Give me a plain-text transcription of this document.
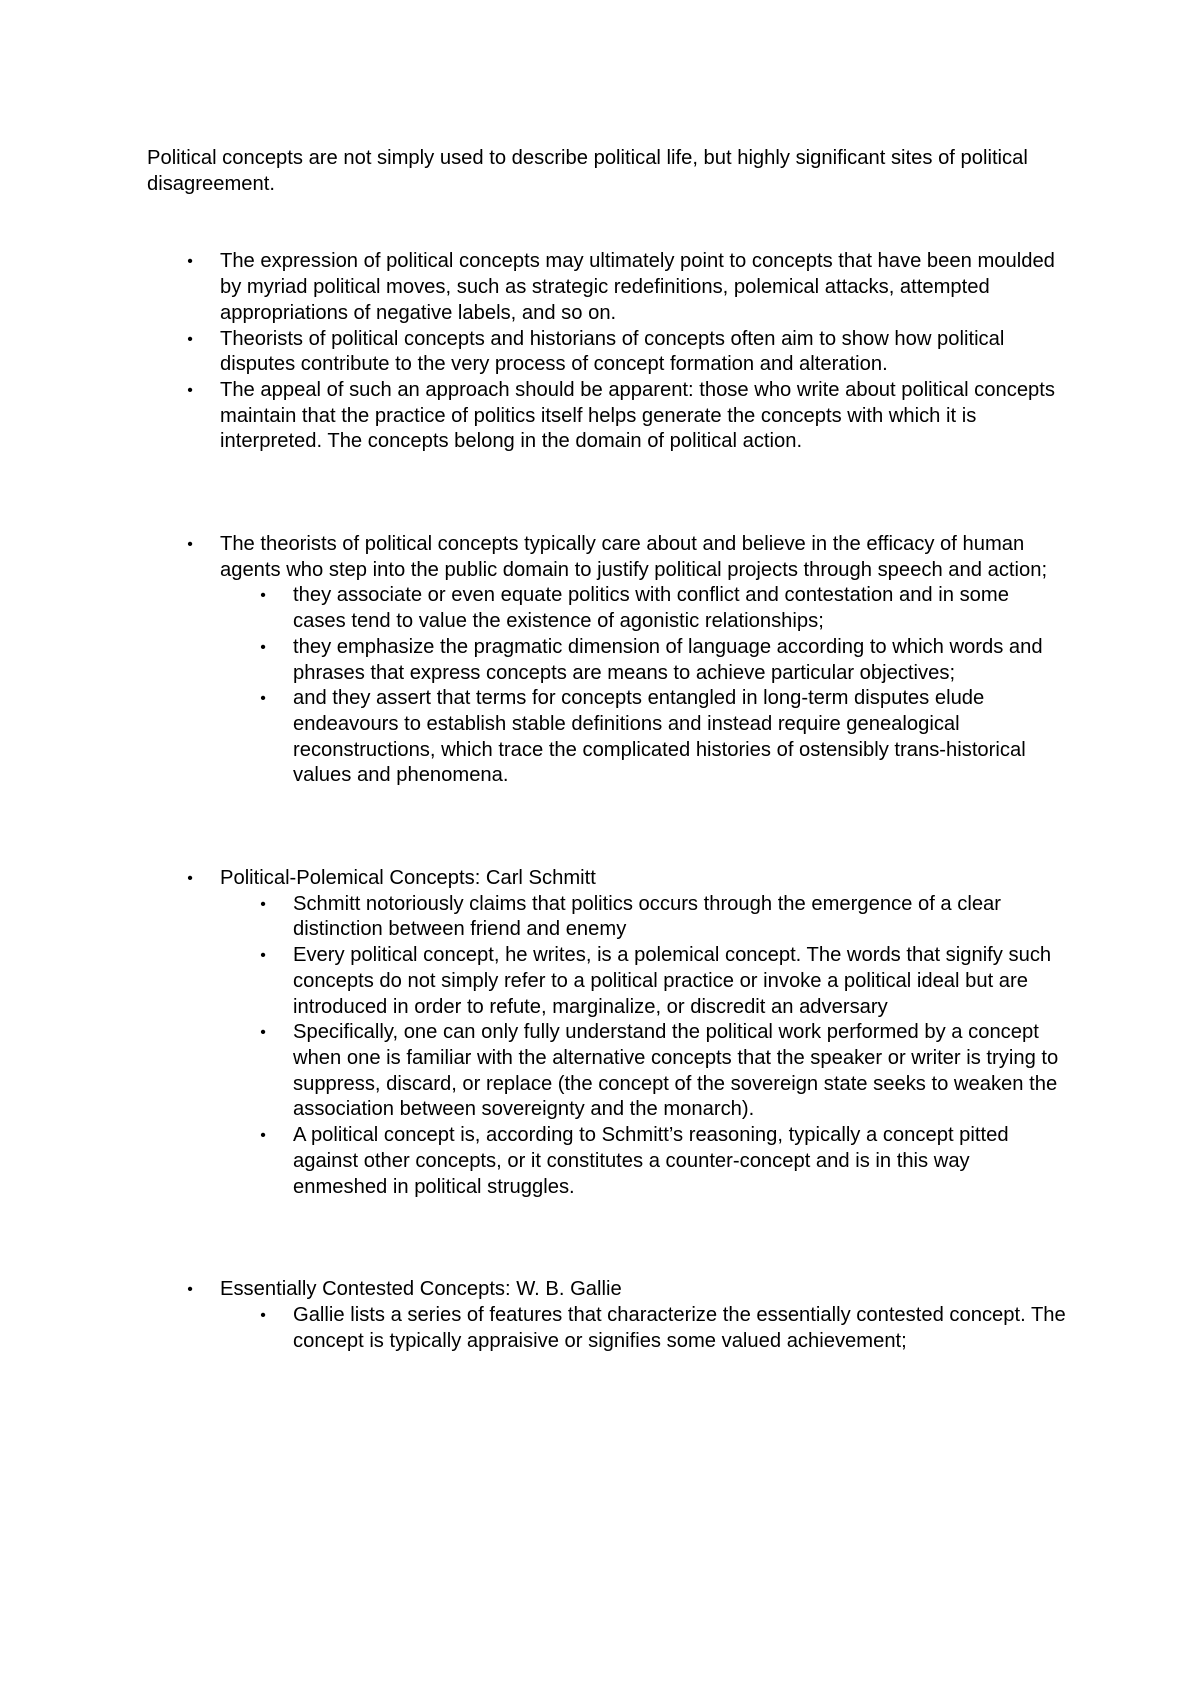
Political concepts are not simply used to describe political life, but highly significant sites of political disagreement.

• The expression of political concepts may ultimately point to concepts that have been moulded by myriad political moves, such as strategic redefinitions, polemical attacks, attempted appropriations of negative labels, and so on.
• Theorists of political concepts and historians of concepts often aim to show how political disputes contribute to the very process of concept formation and alteration.
• The appeal of such an approach should be apparent: those who write about political concepts maintain that the practice of politics itself helps generate the concepts with which it is interpreted. The concepts belong in the domain of political action.
• The theorists of political concepts typically care about and believe in the efficacy of human agents who step into the public domain to justify political projects through speech and action;
• they associate or even equate politics with conflict and contestation and in some cases tend to value the existence of agonistic relationships;
• they emphasize the pragmatic dimension of language according to which words and phrases that express concepts are means to achieve particular objectives;
• and they assert that terms for concepts entangled in long-term disputes elude endeavours to establish stable definitions and instead require genealogical reconstructions, which trace the complicated histories of ostensibly trans-historical values and phenomena.
• Political-Polemical Concepts: Carl Schmitt
• Schmitt notoriously claims that politics occurs through the emergence of a clear distinction between friend and enemy
• Every political concept, he writes, is a polemical concept. The words that signify such concepts do not simply refer to a political practice or invoke a political ideal but are introduced in order to refute, marginalize, or discredit an adversary
• Specifically, one can only fully understand the political work performed by a concept when one is familiar with the alternative concepts that the speaker or writer is trying to suppress, discard, or replace (the concept of the sovereign state seeks to weaken the association between sovereignty and the monarch).
• A political concept is, according to Schmitt’s reasoning, typically a concept pitted against other concepts, or it constitutes a counter-concept and is in this way enmeshed in political struggles.
• Essentially Contested Concepts: W. B. Gallie
• Gallie lists a series of features that characterize the essentially contested concept. The concept is typically appraisive or signifies some valued achievement;
